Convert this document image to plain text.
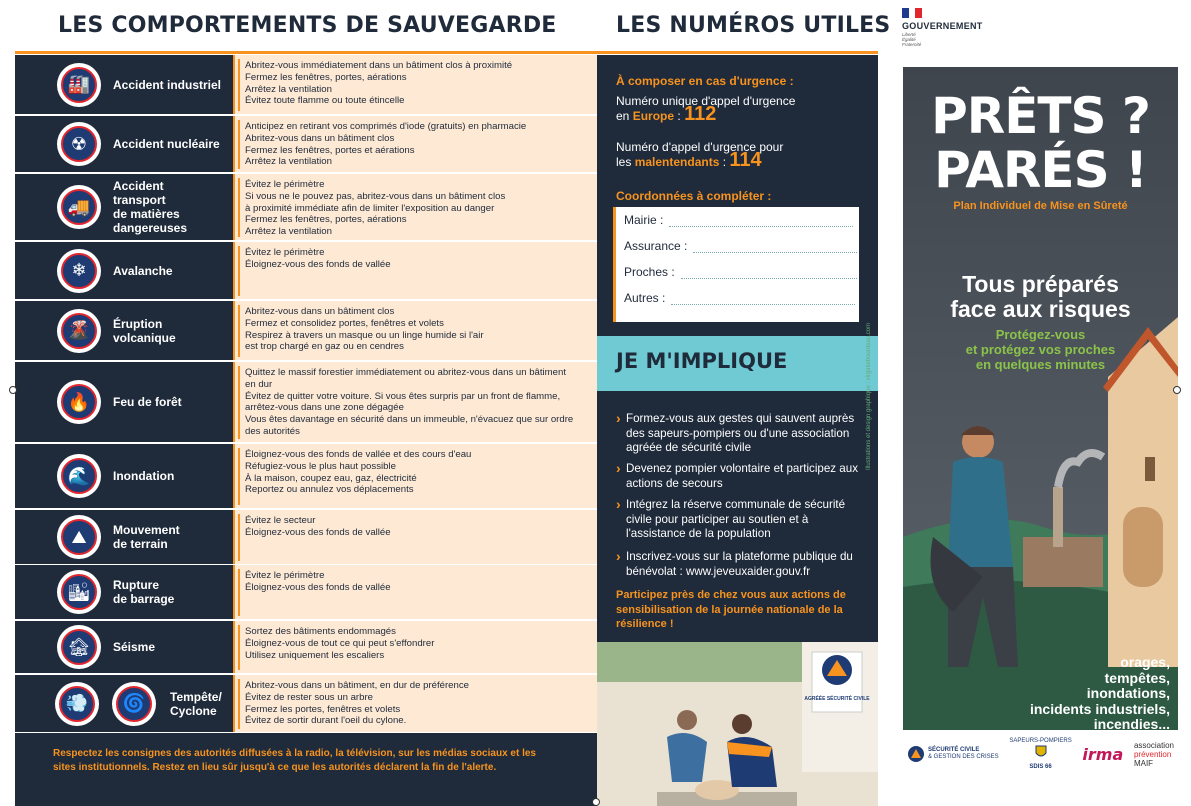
LES COMPORTEMENTS DE SAUVEGARDE	LES NUMÉROS UTILES
🏭	Accident industriel
Abritez-vous immédiatement dans un bâtiment clos à proximité
Fermez les fenêtres, portes, aérations
Arrêtez la ventilation
Évitez toute flamme ou toute étincelle
☢	Accident nucléaire
Anticipez en retirant vos comprimés d'iode (gratuits) en pharmacie
Abritez-vous dans un bâtiment clos
Fermez les fenêtres, portes et aérations
Arrêtez la ventilation
🚚
Accident
transport
de matières
dangereuses
Évitez le périmètre
Si vous ne le pouvez pas, abritez-vous dans un bâtiment clos
à proximité immédiate afin de limiter l'exposition au danger
Fermez les fenêtres, portes, aérations
Arrêtez la ventilation
❄	Avalanche
Évitez le périmètre
Éloignez-vous des fonds de vallée
🌋	Éruption
volcanique
Abritez-vous dans un bâtiment clos
Fermez et consolidez portes, fenêtres et volets
Respirez à travers un masque ou un linge humide si l'air
est trop chargé en gaz ou en cendres
🔥	Feu de forêt
Quittez le massif forestier immédiatement ou abritez-vous dans un bâtiment
en dur
Évitez de quitter votre voiture. Si vous êtes surpris par un front de flamme,
arrêtez-vous dans une zone dégagée
Vous êtes davantage en sécurité dans un immeuble, n'évacuez que sur ordre
des autorités
🌊	Inondation
Éloignez-vous des fonds de vallée et des cours d'eau
Réfugiez-vous le plus haut possible
À la maison, coupez eau, gaz, électricité
Reportez ou annulez vos déplacements
⛰	Mouvement
de terrain
Évitez le secteur
Éloignez-vous des fonds de vallée
🏙	Rupture
de barrage
Évitez le périmètre
Éloignez-vous des fonds de vallée
🏚	Séisme
Sortez des bâtiments endommagés
Éloignez-vous de tout ce qui peut s'effondrer
Utilisez uniquement les escaliers
🌀
💨	Tempête/
Cyclone
Abritez-vous dans un bâtiment, en dur de préférence
Évitez de rester sous un arbre
Fermez les portes, fenêtres et volets
Évitez de sortir durant l'oeil du cylone.
Respectez les consignes des autorités diffusées à la radio, la télévision, sur les médias sociaux et les sites institutionnels. Restez en lieu sûr jusqu'à ce que les autorités déclarent la fin de l'alerte.
À composer en cas d'urgence :
Numéro unique d'appel d'urgence
en Europe : 112
Numéro d'appel d'urgence pour
les malentendants : 114
Coordonnées à compléter :
Mairie :
Assurance :
Proches :
Autres :
JE M'IMPLIQUE
› Formez-vous aux gestes qui sauvent auprès des sapeurs-pompiers ou d'une association agréée de sécurité civile
› Devenez pompier volontaire et participez aux actions de secours
› Intégrez la réserve communale de sécurité civile pour participer au soutien et à l'assistance de la population
› Inscrivez-vous sur la plateforme publique du bénévolat : www.jeveuxaider.gouv.fr
Participez près de chez vous aux actions de sensibilisation de la journée nationale de la résilience !
AGRÉÉE SÉCURITÉ CIVILE
Illustrations et design graphique : virginiebourdeau.com
GOUVERNEMENT
Liberté
Égalité
Fraternité
PRÊTS ?
PARÉS !
Plan Individuel de Mise en Sûreté
Tous préparés
face aux risques
Protégez-vous
et protégez vos proches
en quelques minutes
orages,
tempêtes,
inondations,
incidents industriels,
incendies...
SÉCURITÉ CIVILE
& GESTION DES CRISES
SAPEURS-POMPIERS
SDIS 66
irma association
prévention
MAIF
